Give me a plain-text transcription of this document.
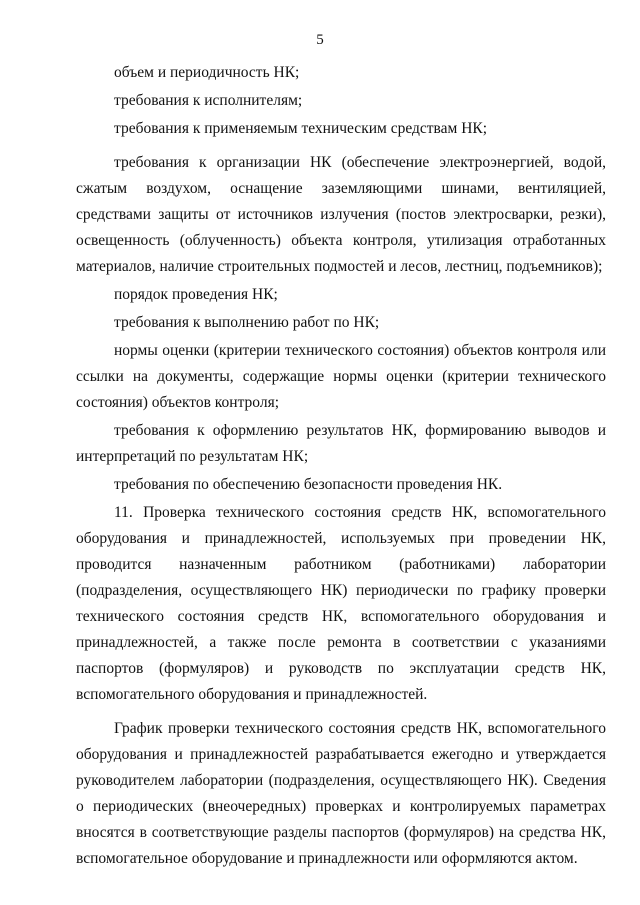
5

объем и периодичность НК;

требования к исполнителям;

требования к применяемым техническим средствам НК;

требования к организации НК (обеспечение электроэнергией, водой, сжатым воздухом, оснащение заземляющими шинами, вентиляцией, средствами защиты от источников излучения (постов электросварки, резки), освещенность (облученность) объекта контроля, утилизация отработанных материалов, наличие строительных подмостей и лесов, лестниц, подъемников);

порядок проведения НК;

требования к выполнению работ по НК;

нормы оценки (критерии технического состояния) объектов контроля или ссылки на документы, содержащие нормы оценки (критерии технического состояния) объектов контроля;

требования к оформлению результатов НК, формированию выводов и интерпретаций по результатам НК;

требования по обеспечению безопасности проведения НК.

11. Проверка технического состояния средств НК, вспомогательного оборудования и принадлежностей, используемых при проведении НК, проводится назначенным работником (работниками) лаборатории (подразделения, осуществляющего НК) периодически по графику проверки технического состояния средств НК, вспомогательного оборудования и принадлежностей, а также после ремонта в соответствии с указаниями паспортов (формуляров) и руководств по эксплуатации средств НК, вспомогательного оборудования и принадлежностей.

График проверки технического состояния средств НК, вспомогательного оборудования и принадлежностей разрабатывается ежегодно и утверждается руководителем лаборатории (подразделения, осуществляющего НК). Сведения о периодических (внеочередных) проверках и контролируемых параметрах вносятся в соответствующие разделы паспортов (формуляров) на средства НК, вспомогательное оборудование и принадлежности или оформляются актом.
